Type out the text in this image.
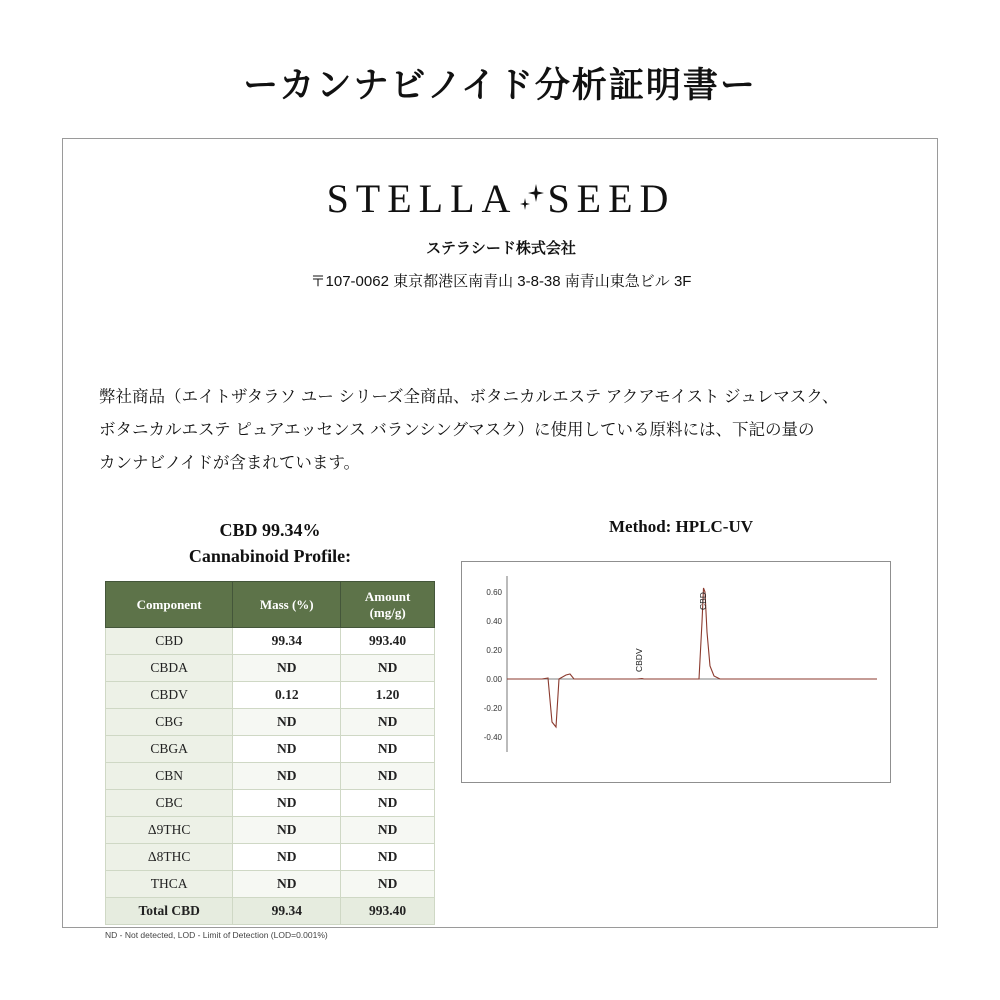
ーカンナビノイド分析証明書ー
STELLA SEED
ステラシード株式会社
〒107-0062 東京都港区南青山 3-8-38 南青山東急ビル 3F
弊社商品（エイトザタラソ ユー シリーズ全商品、ボタニカルエステ アクアモイスト ジュレマスク、
ボタニカルエステ ピュアエッセンス バランシングマスク）に使用している原料には、下記の量の
カンナビノイドが含まれています。
CBD 99.34%
Cannabinoid Profile:
Component	Mass (%)	Amount
(mg/g)
CBD	99.34	993.40
CBDA	ND	ND
CBDV	0.12	1.20
CBG	ND	ND
CBGA	ND	ND
CBN	ND	ND
CBC	ND	ND
Δ9THC	ND	ND
Δ8THC	ND	ND
THCA	ND	ND
Total CBD	99.34	993.40
ND - Not detected, LOD - Limit of Detection (LOD=0.001%)
Method: HPLC-UV
0.60
0.40
0.20
0.00
-0.20
-0.40
CBDV
CBD
